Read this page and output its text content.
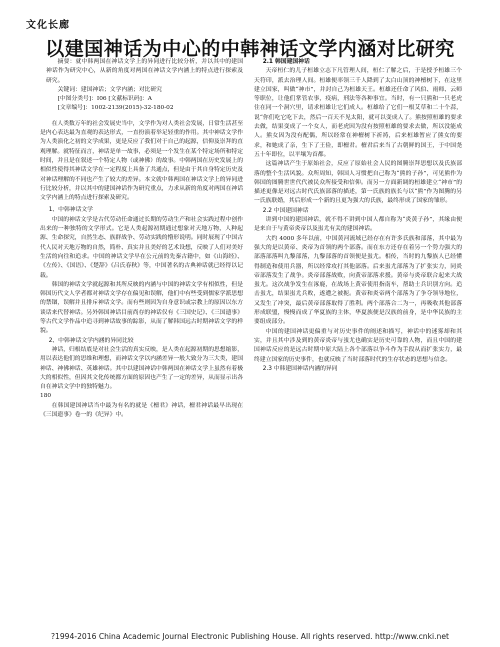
文化长廊
以建国神话为中心的中韩神话文学内涵对比研究
摘要：就中韩两国在神话文学上的异同进行比较分析，并以其中的建国神话作为研究中心，从新的角度对两国在神话文学内涵上的特点进行探索及研究。
关键词：建国神话；文学内涵；对比研究
[中图分类号]：I06 [文献标识码]：A
[文章编号]：1002-2139(2015)-32-180-02
在人类数万年的社会发展史当中，文学作为对人类社会发展，日常生活甚至是内心表达最为直观的表达形式，一直扮演着举足轻重的作用。其中神话文学作为人类演化之初的文学成果，更是反应了我们对于自己的起源，信仰及崇拜的直观理解。就特征而言，神话是单一故事，必须是一个发生在某个特定场所和特定时间，并且是在叙述一个特定人物（或神佛）的故事。中韩两国在历史发展上的相似性使得其神话文学在一定程度上具备了共通点，但是由于其自身特定历史及对神话理解的不同也产生了较大的差异。本文就中韩两国在神话文学上的异同进行比较分析，并以其中的建国神话作为研究重点，力求从新的角度对两国在神话文学内涵上的特点进行探索及研究。
1、中韩神话文学
中国的神话文学是古代劳动任命通过长期的劳动生产和社会实践过程中创作出来的一种独特的文学形式。它是人类起源初期通过想象对天地万物，人种起源、生命探究，自然生态、族群战争、劳动实践的懵形说明。同时展现了中国古代人民对天地万物的自然，简朴、真实并且美好的艺术设想，反映了人们对美好生活的向往和追求。中国的神话文学早在公元前的先秦古籍中，如《山海经》、《左传》、《国语》、《楚辞》《吕氏春秋》等，中国著名的古典神话就已经得以记载。
韩国的神话文学就起源和其所反映的内涵与中国的神话文学有相似性，但是韩国历代文人学者都对神话文学存在偏见和误解，他们中有些受到儒家学派思想的禁锢，误解并且排斥神话文学。而有些则因为自身意识或宗教上的原因以东方谈话来代替神话。另外韩国神话目前尚存的神话仅有《三国史记》、《三国遗事》等古代文学作品中追寻到神话故事的踪影，从而了解韩国远古时期神话文学的样貌。
2、中韩神话文学内涵的异同比较
神话，归根结底是对社会生活的真实反映，是人类在起源初期的思想缩影，用以表达他们的思维和理想，而神话文学以内涵差异一般大致分为三大类，建国神话、神佛神话、英雄神话。其中以建国神话中韩两国在神话文学上虽然有着极大的相似性，但因其文化传统都方面的原因也产生了一定的差异，从而显示出各自在神话文学中的独特魅力。
180
在韩国建国神话当中最为有名的就是《檀君》神话，檀君神话最早出现在《三国遗事》卷一的《纪异》中。
2.1 韩国建国神话
天帝桓仁的儿子桓雄立志下凡管理人间，桓仁了解之后，于是授予桓雄三个天符印，派去治理人间。桓雄便率领三千人降到了太白山顶的神檀树下，在这里建立国家，叫做“神市”，并封自己为桓雄天王。桓雄还任命了风伯、雨师、云师等职位，让他们掌管农事，疫病，刑法等各种事宜。当时，有一只熊和一只老虎住在同一个洞穴里，请求桓雄让它们成人。桓雄给了它们一根艾草和二十个蒜，说“你们吃它吃下去，然后一百天不见太阳，就可以变成人了。熊按照桓雄的要求去做，结果变成了一个女人，而老虎因为没有按照桓雄的要求去做，所以没能成人。熊女因为没有配偶，所以经常在神檀树下祈祷，后来桓雄暂应了熊女的要求，和她成了亲，生下了王俭，即檀君。檀君后来当了古朝鲜的国王，于中国尧五十年即位，以平壤为首都。
这篇神话产生于原始社会，反应了原始社会人民的图腾崇拜思想以及氏族部落的整个生活风貌。众所周知，韩国人习惯把自己称为“熊的子孙”，可见熊作为韩国的图腾世世代代被民众所接受和信仰。而另一方面新调的桓雄建立“神市”的描述更像是对远古时代氏族部落的描述，第一氏族的族长与以“熊”作为图腾的另一氏族联婚，其后形成一个新的且更为强大的氏族，最终形成了国家的雏形。
2.2 中国建国神话
讲到中国的建国神话，就不得不讲到中国人都自称为“炎黄子孙”，其缘由便是来自于与黄帝炎帝以及蚩尤有关的建国神话。
大约 4000 多年以前，中国黄河流域已经存在有许多氏族和部落，其中最为强大的是以黄帝、炎帝为首领的两个部落。而在东方还存在着另一个势力强大的部落部落叫九黎部落，九黎部落的首领便是蚩尤。相传，当时的九黎族人已经懂得制造和使用兵器，所以经常攻打其他部落。后来蚩尤部落为了扩张实力，同炎帝部落发生了战争。炎帝部落战败，向黄帝部落求援。黄帝与炎帝联合起来大战蚩尤。这次战争发生在涿鹿，在战场上黄帝使用指南车，帮助士兵识别方向。追击蚩尤，结果蚩尤兵败，遂遭之被扼。黄帝和炎帝两个部落为了争夺领导地位，又发生了冲突，最后黄帝部落取得了胜利。两个部落合二为一，再吸收其他部落形成联盟，慢慢而成了华夏族的主体，华夏族便是汉族的前身，是中华民族的主要组成部分。
中国的建国神话更偏重与对历史事件的阐述和描写，神话中的迷雾却和其实，并且其中涉及到的黄帝炎帝与蚩尤也确实是历史可靠的人物，而且中国的建国神话反应的是远古时期中原大陆上各个部落以争斗作为手段从而扩张实力，最终建立国家的历史事件，也就反映了当时部落时代的生存状态的思想与信念。
2.3 中韩建国神话内涵的异同
?1994-2016 China Academic Journal Electronic Publishing House. All rights reserved. http://www.cnki.net
